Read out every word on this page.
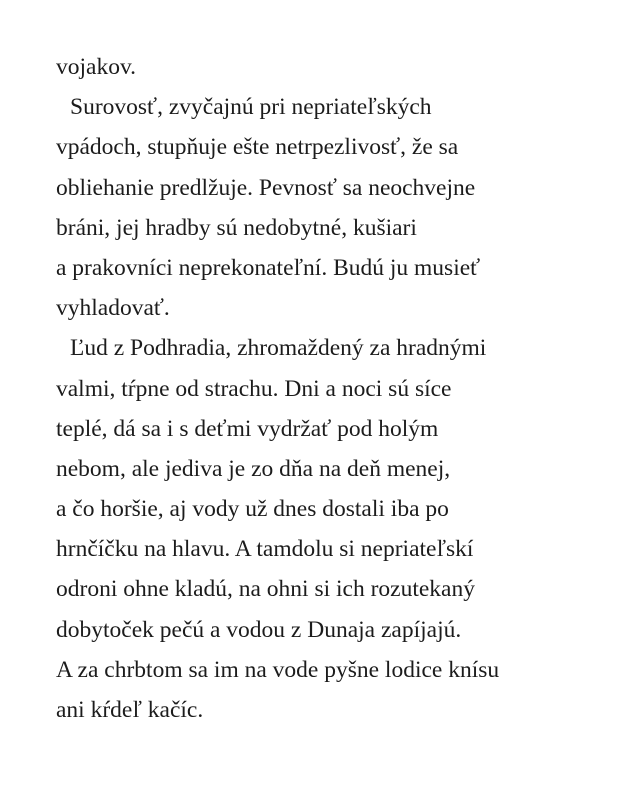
vojakov.
Surovosť, zvyčajnú pri nepriateľských
vpádoch, stupňuje ešte netrpezlivosť, že sa
obliehanie predlžuje. Pevnosť sa neochvejne
bráni, jej hradby sú nedobytné, kušiari
a prakovníci neprekonateľní. Budú ju musieť
vyhladovať.
Ľud z Podhradia, zhromaždený za hradnými
valmi, tŕpne od strachu. Dni a noci sú síce
teplé, dá sa i s deťmi vydržať pod holým
nebom, ale jediva je zo dňa na deň menej,
a čo horšie, aj vody už dnes dostali iba po
hrnčíčku na hlavu. A tamdolu si nepriateľskí
odroni ohne kladú, na ohni si ich rozutekaný
dobytoček pečú a vodou z Dunaja zapíjajú.
A za chrbtom sa im na vode pyšne lodice knísu
ani kŕdeľ kačíc.
